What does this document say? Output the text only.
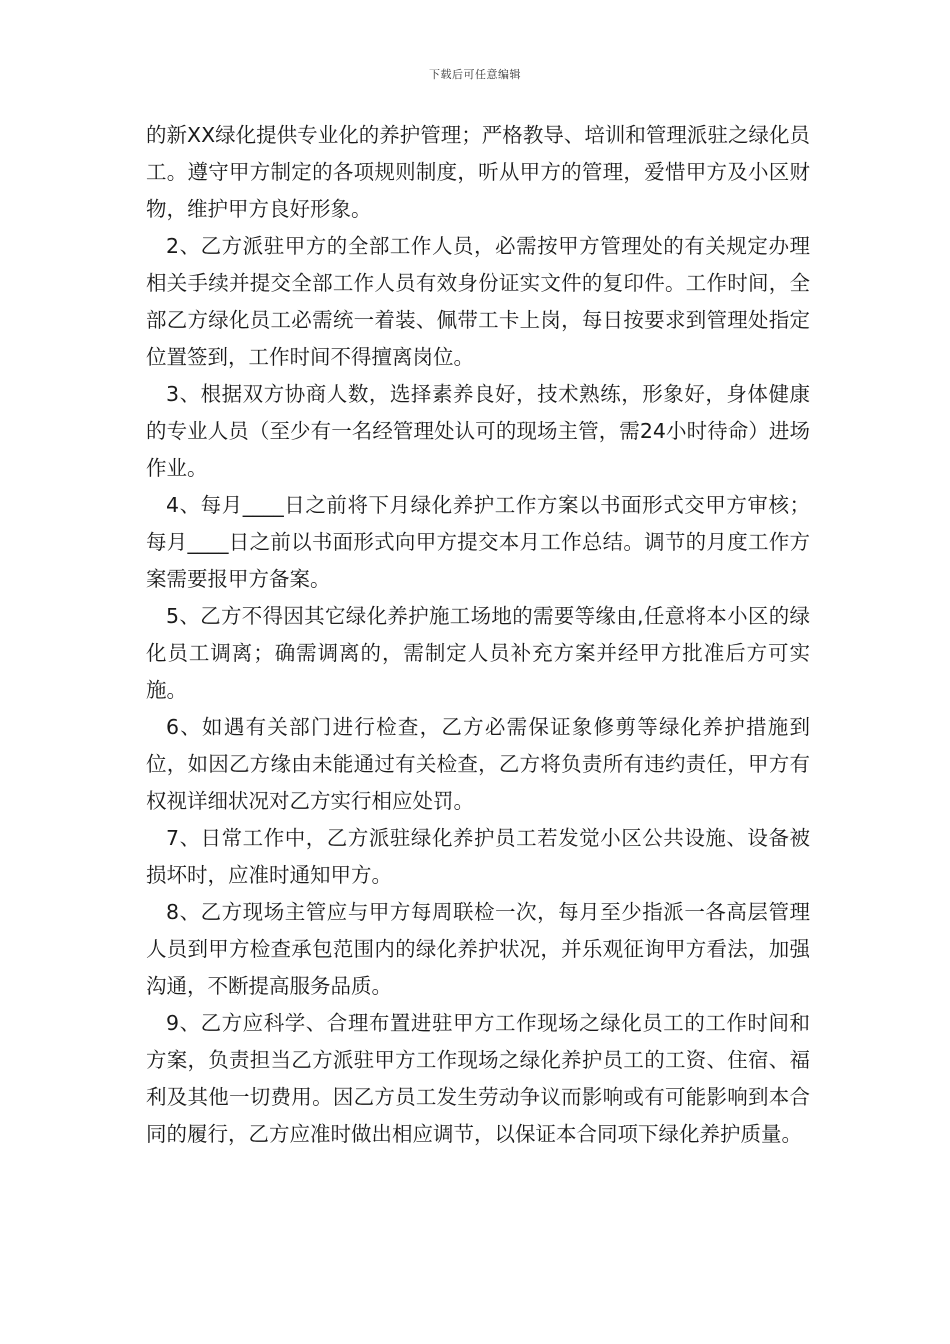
下载后可任意编辑

的新XX绿化提供专业化的养护管理；严格教导、培训和管理派驻之绿化员工。遵守甲方制定的各项规则制度，听从甲方的管理，爱惜甲方及小区财物，维护甲方良好形象。

2、乙方派驻甲方的全部工作人员，必需按甲方管理处的有关规定办理相关手续并提交全部工作人员有效身份证实文件的复印件。工作时间，全部乙方绿化员工必需统一着装、佩带工卡上岗，每日按要求到管理处指定位置签到，工作时间不得擅离岗位。

3、根据双方协商人数，选择素养良好，技术熟练，形象好，身体健康的专业人员（至少有一名经管理处认可的现场主管，需24小时待命）进场作业。

4、每月____日之前将下月绿化养护工作方案以书面形式交甲方审核；每月____日之前以书面形式向甲方提交本月工作总结。调节的月度工作方案需要报甲方备案。

5、乙方不得因其它绿化养护施工场地的需要等缘由,任意将本小区的绿化员工调离；确需调离的，需制定人员补充方案并经甲方批准后方可实施。

6、如遇有关部门进行检查，乙方必需保证象修剪等绿化养护措施到位，如因乙方缘由未能通过有关检查，乙方将负责所有违约责任，甲方有权视详细状况对乙方实行相应处罚。

7、日常工作中，乙方派驻绿化养护员工若发觉小区公共设施、设备被损坏时，应准时通知甲方。

8、乙方现场主管应与甲方每周联检一次，每月至少指派一各高层管理人员到甲方检查承包范围内的绿化养护状况，并乐观征询甲方看法，加强沟通，不断提高服务品质。

9、乙方应科学、合理布置进驻甲方工作现场之绿化员工的工作时间和方案，负责担当乙方派驻甲方工作现场之绿化养护员工的工资、住宿、福利及其他一切费用。因乙方员工发生劳动争议而影响或有可能影响到本合同的履行，乙方应准时做出相应调节，以保证本合同项下绿化养护质量。
